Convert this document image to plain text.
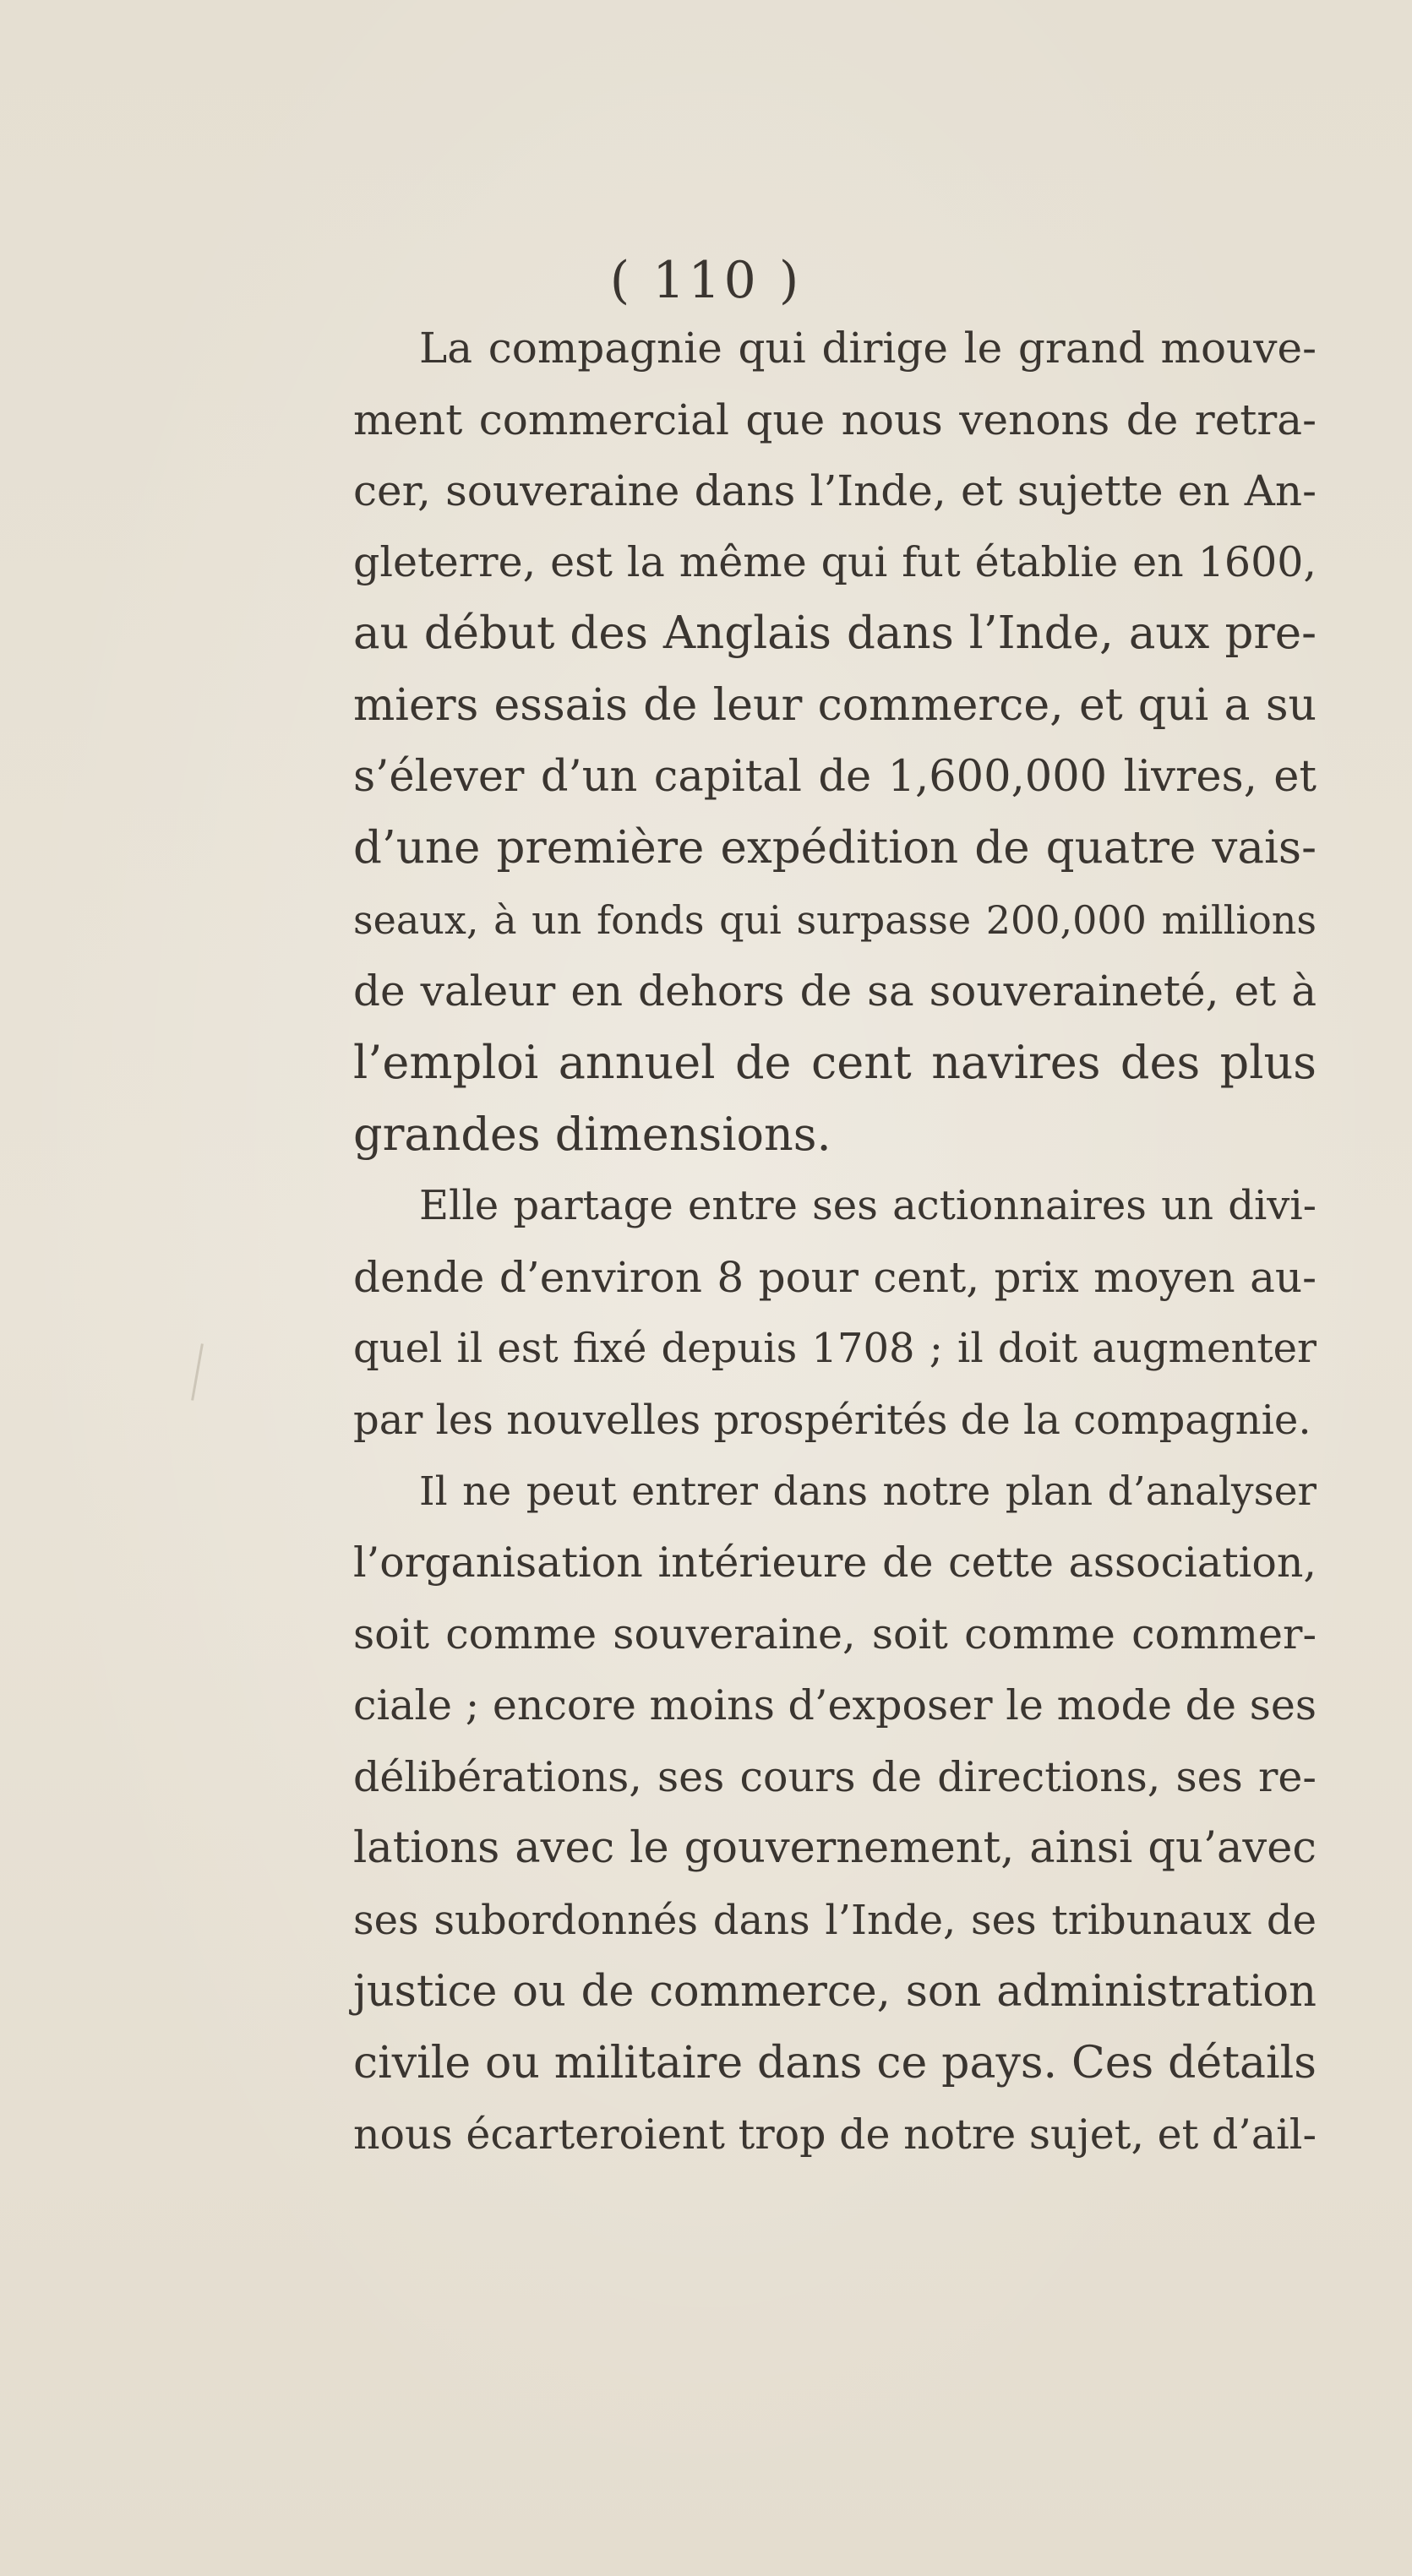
( 110 )
La compagnie qui dirige le grand mouve-
ment commercial que nous venons de retra-
cer, souveraine dans l’Inde, et sujette en An-
gleterre, est la même qui fut établie en 1600,
au début des Anglais dans l’Inde, aux pre-
miers essais de leur commerce, et qui a su
s’élever d’un capital de 1,600,000 livres, et
d’une première expédition de quatre vais-
seaux, à un fonds qui surpasse 200,000 millions
de valeur en dehors de sa souveraineté, et à
l’emploi annuel de cent navires des plus
grandes dimensions.
Elle partage entre ses actionnaires un divi-
dende d’environ 8 pour cent, prix moyen au-
quel il est fixé depuis 1708 ; il doit augmenter
par les nouvelles prospérités de la compagnie.
Il ne peut entrer dans notre plan d’analyser
l’organisation intérieure de cette association,
soit comme souveraine, soit comme commer-
ciale ; encore moins d’exposer le mode de ses
délibérations, ses cours de directions, ses re-
lations avec le gouvernement, ainsi qu’avec
ses subordonnés dans l’Inde, ses tribunaux de
justice ou de commerce, son administration
civile ou militaire dans ce pays. Ces détails
nous écarteroient trop de notre sujet, et d’ail-
